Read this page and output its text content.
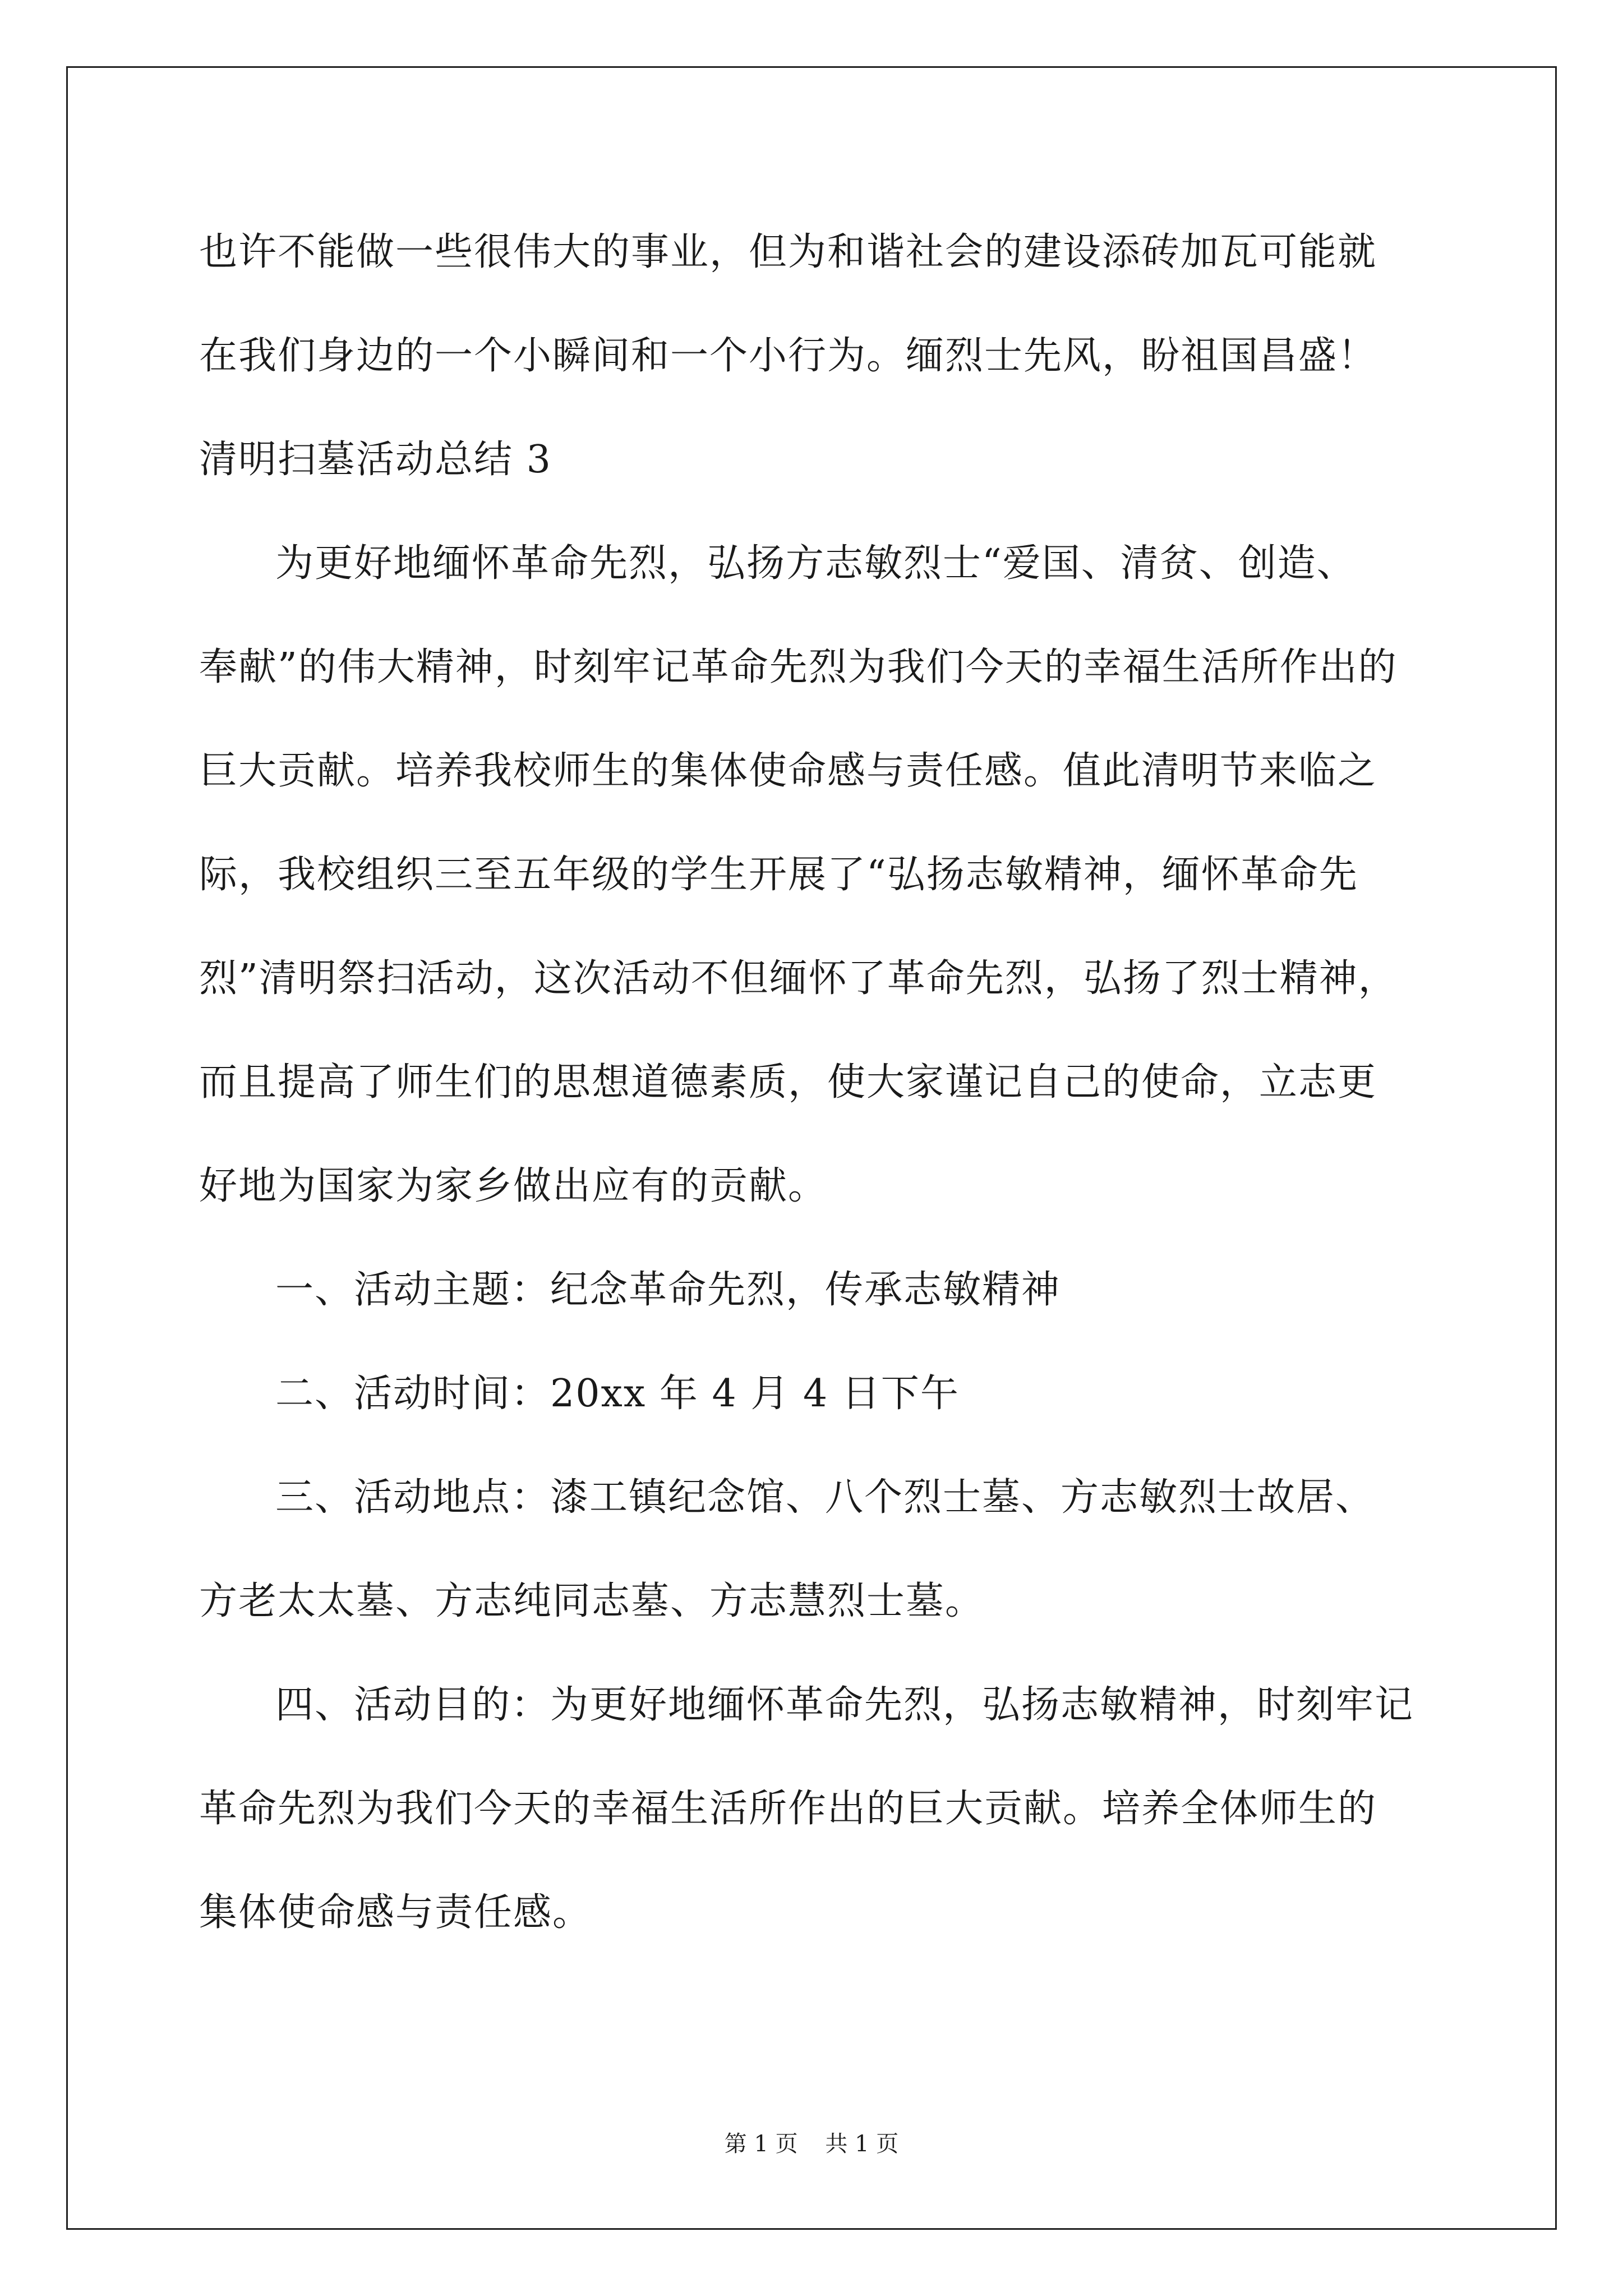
也许不能做一些很伟大的事业，但为和谐社会的建设添砖加瓦可能就
在我们身边的一个小瞬间和一个小行为。缅烈士先风，盼祖国昌盛！
清明扫墓活动总结 3
为更好地缅怀革命先烈，弘扬方志敏烈士“爱国、清贫、创造、
奉献”的伟大精神，时刻牢记革命先烈为我们今天的幸福生活所作出的
巨大贡献。培养我校师生的集体使命感与责任感。值此清明节来临之
际，我校组织三至五年级的学生开展了“弘扬志敏精神，缅怀革命先
烈”清明祭扫活动，这次活动不但缅怀了革命先烈，弘扬了烈士精神，
而且提高了师生们的思想道德素质，使大家谨记自己的使命，立志更
好地为国家为家乡做出应有的贡献。
一、活动主题：纪念革命先烈，传承志敏精神
二、活动时间：20xx 年 4 月 4 日下午
三、活动地点：漆工镇纪念馆、八个烈士墓、方志敏烈士故居、
方老太太墓、方志纯同志墓、方志慧烈士墓。
四、活动目的：为更好地缅怀革命先烈，弘扬志敏精神，时刻牢记
革命先烈为我们今天的幸福生活所作出的巨大贡献。培养全体师生的
集体使命感与责任感。
第 1 页 共 1 页
